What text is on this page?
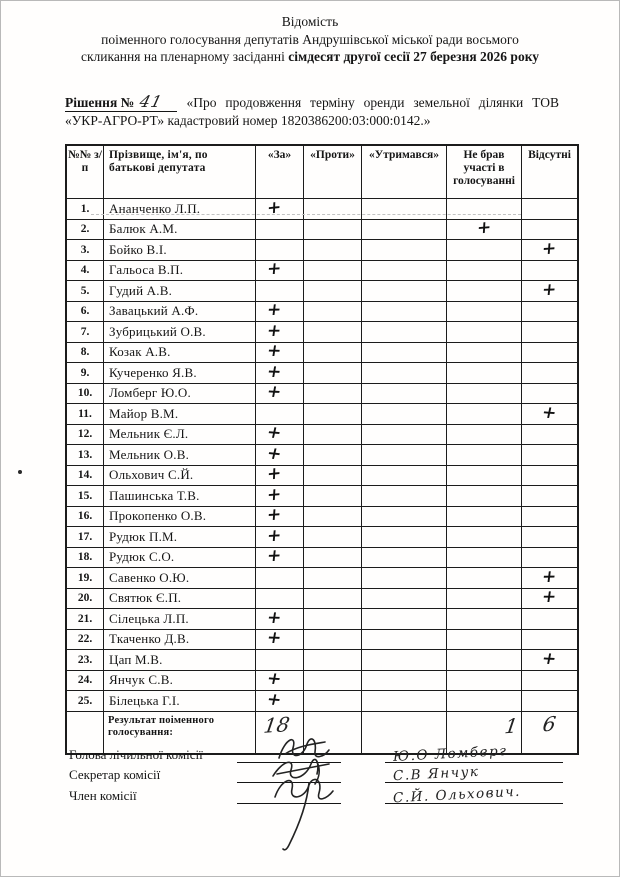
Відомість
поіменного голосування депутатів Андрушівської міської ради восьмого
скликання на пленарному засіданні сімдесят другої сесії 27 березня 2026 року
Рішення № 41 «Про продовження терміну оренди земельної ділянки ТОВ «УКР-АГРО-РТ» кадастровий номер 1820386200:03:000:0142.»
№№ з/п	Прізвище, ім'я, по батькові депутата	«За»	«Проти»	«Утримався»	Не брав участі в голосуванні	Відсутні
1.	Ананченко Л.П.	+				
2.	Балюк А.М.				+	
3.	Бойко В.І.					+
4.	Гальоса В.П.	+				
5.	Гудий А.В.					+
6.	Завацький А.Ф.	+				
7.	Зубрицький О.В.	+				
8.	Козак А.В.	+				
9.	Кучеренко Я.В.	+				
10.	Ломберг Ю.О.	+				
11.	Майор В.М.					+
12.	Мельник Є.Л.	+				
13.	Мельник О.В.	+				
14.	Ольхович С.Й.	+				
15.	Пашинська Т.В.	+				
16.	Прокопенко О.В.	+				
17.	Рудюк П.М.	+				
18.	Рудюк С.О.	+				
19.	Савенко О.Ю.					+
20.	Святюк Є.П.					+
21.	Сілецька Л.П.	+				
22.	Ткаченко Д.В.	+				
23.	Цап М.В.					+
24.	Янчук С.В.	+				
25.	Білецька Г.І.	+				
	Результат поіменного голосування:	18			1	6
Голова лічильної комісії	Ю.О Ломберг
Секретар комісії	С.В Янчук
Член комісії	С.Й. Ольхович.
